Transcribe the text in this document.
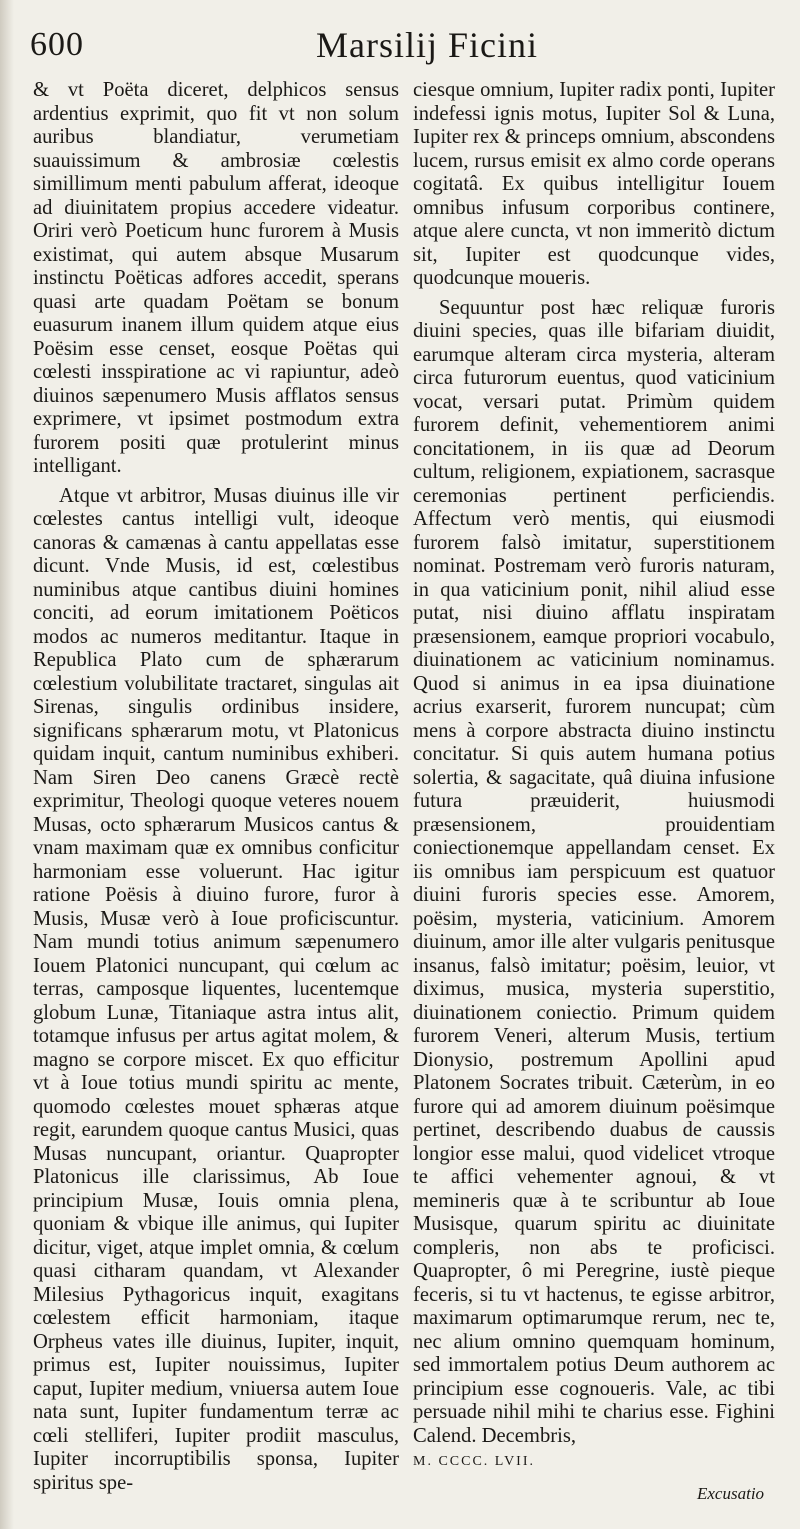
600	Marsilij Ficini

& vt Poëta diceret, delphicos sensus ardentius exprimit, quo fit vt non solum auribus blandiatur, verumetiam suauissimum & ambrosiæ cœlestis simillimum menti pabulum afferat, ideoque ad diuinitatem propius accedere videatur. Oriri verò Poeticum hunc furorem à Musis existimat, qui autem absque Musarum instinctu Poëticas adfores accedit, sperans quasi arte quadam Poëtam se bonum euasurum inanem illum quidem atque eius Poësim esse censet, eosque Poëtas qui cœlesti insspiratione ac vi rapiuntur, adeò diuinos sæpenumero Musis afflatos sensus exprimere, vt ipsimet postmodum extra furorem positi quæ protulerint minus intelligant.

Atque vt arbitror, Musas diuinus ille vir cœlestes cantus intelligi vult, ideoque canoras & camænas à cantu appellatas esse dicunt. Vnde Musis, id est, cœlestibus numinibus atque cantibus diuini homines conciti, ad eorum imitationem Poëticos modos ac numeros meditantur. Itaque in Republica Plato cum de sphærarum cœlestium volubilitate tractaret, singulas ait Sirenas, singulis ordinibus insidere, significans sphærarum motu, vt Platonicus quidam inquit, cantum numinibus exhiberi. Nam Siren Deo canens Græcè rectè exprimitur, Theologi quoque veteres nouem Musas, octo sphærarum Musicos cantus & vnam maximam quæ ex omnibus conficitur harmoniam esse voluerunt. Hac igitur ratione Poësis à diuino furore, furor à Musis, Musæ verò à Ioue proficiscuntur. Nam mundi totius animum sæpenumero Iouem Platonici nuncupant, qui cœlum ac terras, camposque liquentes, lucentemque globum Lunæ, Titaniaque astra intus alit, totamque infusus per artus agitat molem, & magno se corpore miscet. Ex quo efficitur vt à Ioue totius mundi spiritu ac mente, quomodo cœlestes mouet sphæras atque regit, earundem quoque cantus Musici, quas Musas nuncupant, oriantur. Quapropter Platonicus ille clarissimus, Ab Ioue principium Musæ, Iouis omnia plena, quoniam & vbique ille animus, qui Iupiter dicitur, viget, atque implet omnia, & cœlum quasi citharam quandam, vt Alexander Milesius Pythagoricus inquit, exagitans cœlestem efficit harmoniam, itaque Orpheus vates ille diuinus, Iupiter, inquit, primus est, Iupiter nouissimus, Iupiter caput, Iupiter medium, vniuersa autem Ioue nata sunt, Iupiter fundamentum terræ ac cœli stelliferi, Iupiter prodiit masculus, Iupiter incorruptibilis sponsa, Iupiter spiritus spe-

ciesque omnium, Iupiter radix ponti, Iupiter indefessi ignis motus, Iupiter Sol & Luna, Iupiter rex & princeps omnium, abscondens lucem, rursus emisit ex almo corde operans cogitatâ. Ex quibus intelligitur Iouem omnibus infusum corporibus continere, atque alere cuncta, vt non immeritò dictum sit, Iupiter est quodcunque vides, quodcunque moueris.

Sequuntur post hæc reliquæ furoris diuini species, quas ille bifariam diuidit, earumque alteram circa mysteria, alteram circa futurorum euentus, quod vaticinium vocat, versari putat. Primùm quidem furorem definit, vehementiorem animi concitationem, in iis quæ ad Deorum cultum, religionem, expiationem, sacrasque ceremonias pertinent perficiendis. Affectum verò mentis, qui eiusmodi furorem falsò imitatur, superstitionem nominat. Postremam verò furoris naturam, in qua vaticinium ponit, nihil aliud esse putat, nisi diuino afflatu inspiratam præsensionem, eamque propriori vocabulo, diuinationem ac vaticinium nominamus. Quod si animus in ea ipsa diuinatione acrius exarserit, furorem nuncupat; cùm mens à corpore abstracta diuino instinctu concitatur. Si quis autem humana potius solertia, & sagacitate, quâ diuina infusione futura præuiderit, huiusmodi præsensionem, prouidentiam coniectionemque appellandam censet. Ex iis omnibus iam perspicuum est quatuor diuini furoris species esse. Amorem, poësim, mysteria, vaticinium. Amorem diuinum, amor ille alter vulgaris penitusque insanus, falsò imitatur; poësim, leuior, vt diximus, musica, mysteria superstitio, diuinationem coniectio. Primum quidem furorem Veneri, alterum Musis, tertium Dionysio, postremum Apollini apud Platonem Socrates tribuit. Cæterùm, in eo furore qui ad amorem diuinum poësimque pertinet, describendo duabus de caussis longior esse malui, quod videlicet vtroque te affici vehementer agnoui, & vt memineris quæ à te scribuntur ab Ioue Musisque, quarum spiritu ac diuinitate compleris, non abs te proficisci. Quapropter, ô mi Peregrine, iustè pieque feceris, si tu vt hactenus, te egisse arbitror, maximarum optimarumque rerum, nec te, nec alium omnino quemquam hominum, sed immortalem potius Deum authorem ac principium esse cognoueris. Vale, ac tibi persuade nihil mihi te charius esse. Fighini Calend. Decembris,

M. CCCC. LVII.

Excusatio
